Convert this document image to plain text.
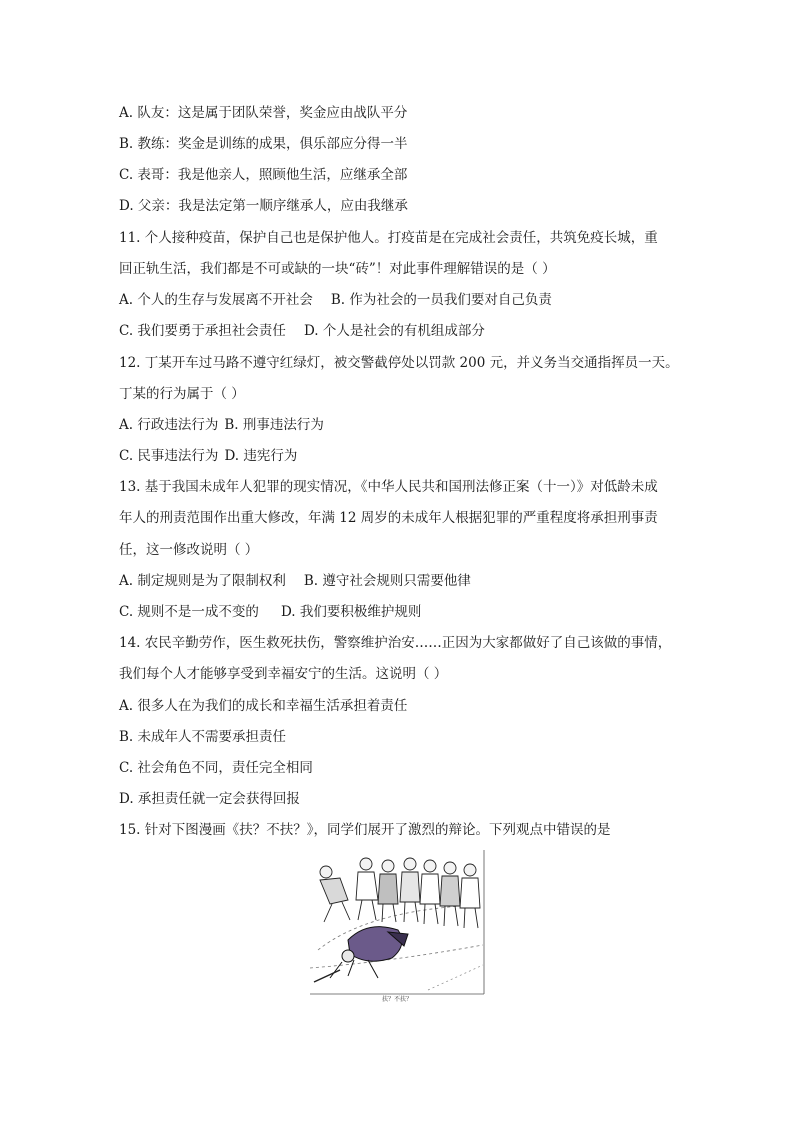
A. 队友：这是属于团队荣誉，奖金应由战队平分
B. 教练：奖金是训练的成果，俱乐部应分得一半
C. 表哥：我是他亲人，照顾他生活，应继承全部
D. 父亲：我是法定第一顺序继承人，应由我继承
11. 个人接种疫苗，保护自己也是保护他人。打疫苗是在完成社会责任，共筑免疫长城，重
回正轨生活，我们都是不可或缺的一块“砖”！对此事件理解错误的是（ ）
A. 个人的生存与发展离不开社会 B. 作为社会的一员我们要对自己负责
C. 我们要勇于承担社会责任 D. 个人是社会的有机组成部分
12. 丁某开车过马路不遵守红绿灯，被交警截停处以罚款 200 元，并义务当交通指挥员一天。
丁某的行为属于（ ）
A. 行政违法行为 B. 刑事违法行为
C. 民事违法行为 D. 违宪行为
13. 基于我国未成年人犯罪的现实情况，《中华人民共和国刑法修正案（十一）》对低龄未成
年人的刑责范围作出重大修改，年满 12 周岁的未成年人根据犯罪的严重程度将承担刑事责
任，这一修改说明（ ）
A. 制定规则是为了限制权利 B. 遵守社会规则只需要他律
C. 规则不是一成不变的 D. 我们要积极维护规则
14. 农民辛勤劳作，医生救死扶伤，警察维护治安……正因为大家都做好了自己该做的事情，
我们每个人才能够享受到幸福安宁的生活。这说明（ ）
A. 很多人在为我们的成长和幸福生活承担着责任
B. 未成年人不需要承担责任
C. 社会角色不同，责任完全相同
D. 承担责任就一定会获得回报
15. 针对下图漫画《扶？不扶？》，同学们展开了激烈的辩论。下列观点中错误的是
扶？不扶？
